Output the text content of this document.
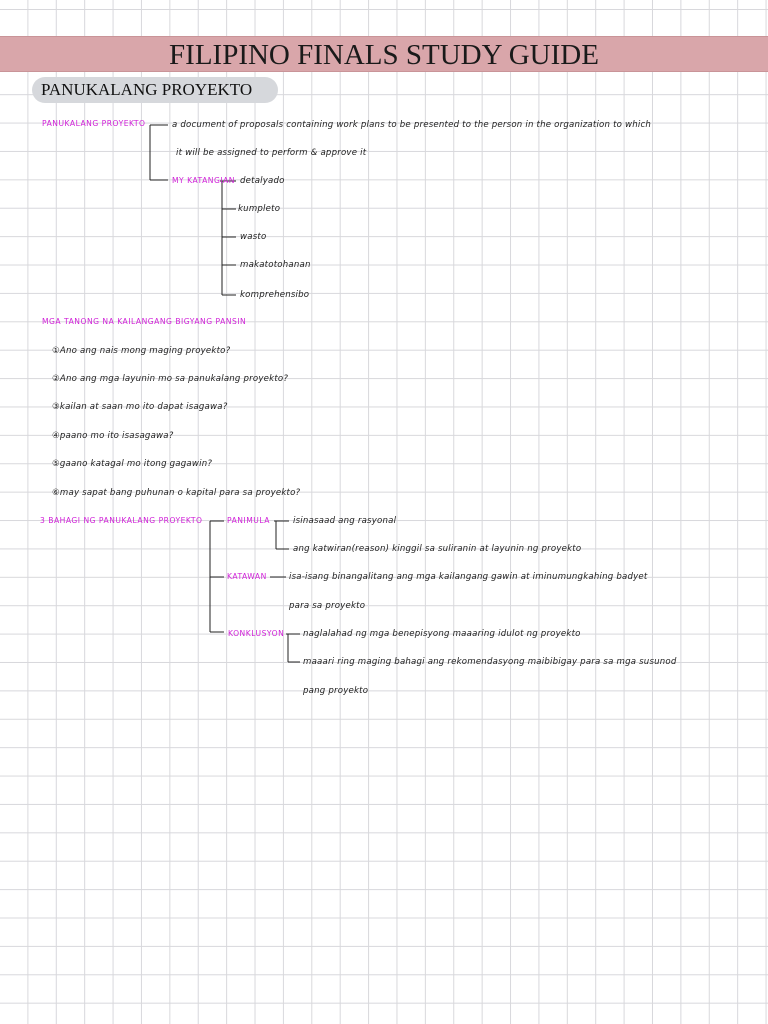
FILIPINO FINALS STUDY GUIDE
PANUKALANG PROYEKTO
PANUKALANG PROYEKTO	a document of proposals containing work plans to be presented to the person in the organization to which
it will be assigned to perform & approve it
MY KATANGIAN detalyado
kumpleto
wasto
makatotohanan
komprehensibo
MGA TANONG NA KAILANGANG BIGYANG PANSIN
①Ano ang nais mong maging proyekto?
②Ano ang mga layunin mo sa panukalang proyekto?
③kailan at saan mo ito dapat isagawa?
④paano mo ito isasagawa?
⑤gaano katagal mo itong gagawin?
⑥may sapat bang puhunan o kapital para sa proyekto?
3 BAHAGI NG PANUKALANG PROYEKTO	PANIMULA	isinasaad ang rasyonal
ang katwiran(reason) kinggil sa suliranin at layunin ng proyekto
KATAWAN	isa-isang binangalitang ang mga kailangang gawin at iminumungkahing badyet
para sa proyekto
KONKLUSYON naglalahad ng mga benepisyong maaaring idulot ng proyekto
maaari ring maging bahagi ang rekomendasyong maibibigay para sa mga susunod
pang proyekto
